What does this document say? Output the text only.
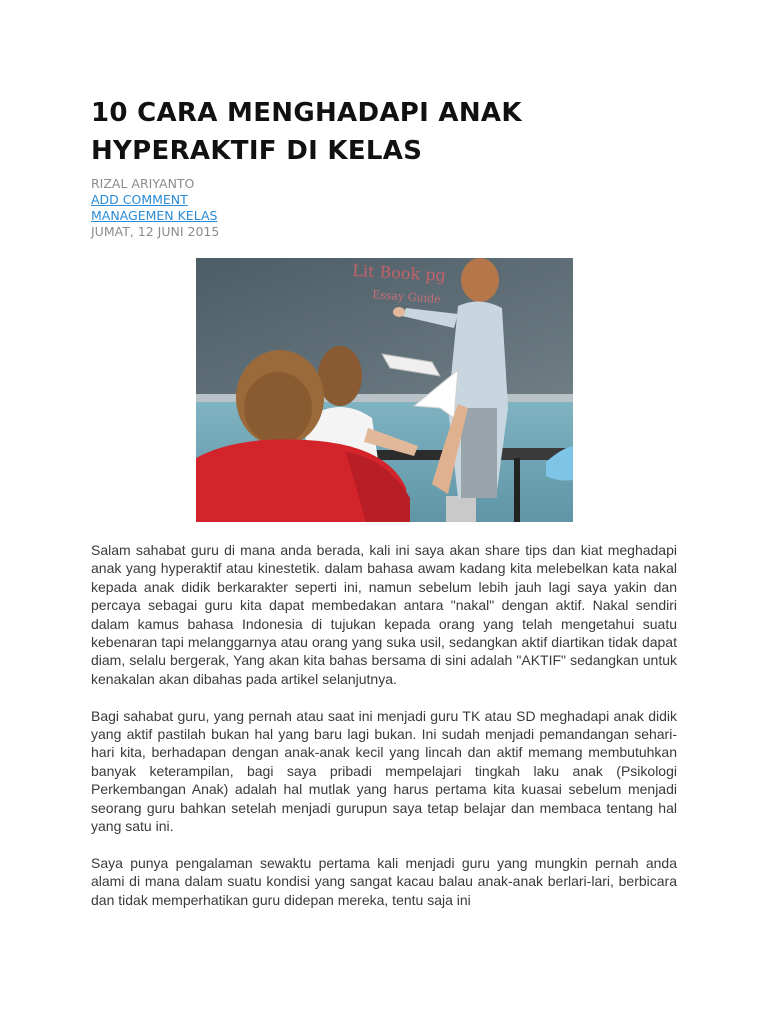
10 CARA MENGHADAPI ANAK HYPERAKTIF DI KELAS
RIZAL ARIYANTO
ADD COMMENT
MANAGEMEN KELAS
JUMAT, 12 JUNI 2015
Lit Book pg
Essay Guide

Salam sahabat guru di mana anda berada, kali ini saya akan share tips dan kiat meghadapi anak yang hyperaktif atau kinestetik. dalam bahasa awam kadang kita melebelkan kata nakal kepada anak didik berkarakter seperti ini, namun sebelum lebih jauh lagi saya yakin dan percaya sebagai guru kita dapat membedakan antara "nakal" dengan aktif. Nakal sendiri dalam kamus bahasa Indonesia di tujukan kepada orang yang telah mengetahui suatu kebenaran tapi melanggarnya atau orang yang suka usil, sedangkan aktif diartikan tidak dapat diam, selalu bergerak, Yang akan kita bahas bersama di sini adalah "AKTIF" sedangkan untuk kenakalan akan dibahas pada artikel selanjutnya.

Bagi sahabat guru, yang pernah atau saat ini menjadi guru TK atau SD meghadapi anak didik yang aktif pastilah bukan hal yang baru lagi bukan. Ini sudah menjadi pemandangan sehari-hari kita, berhadapan dengan anak-anak kecil yang lincah dan aktif memang membutuhkan banyak keterampilan, bagi saya pribadi mempelajari tingkah laku anak (Psikologi Perkembangan Anak) adalah hal mutlak yang harus pertama kita kuasai sebelum menjadi seorang guru bahkan setelah menjadi gurupun saya tetap belajar dan membaca tentang hal yang satu ini.

Saya punya pengalaman sewaktu pertama kali menjadi guru yang mungkin pernah anda alami di mana dalam suatu kondisi yang sangat kacau balau anak-anak berlari-lari, berbicara dan tidak memperhatikan guru didepan mereka, tentu saja ini
